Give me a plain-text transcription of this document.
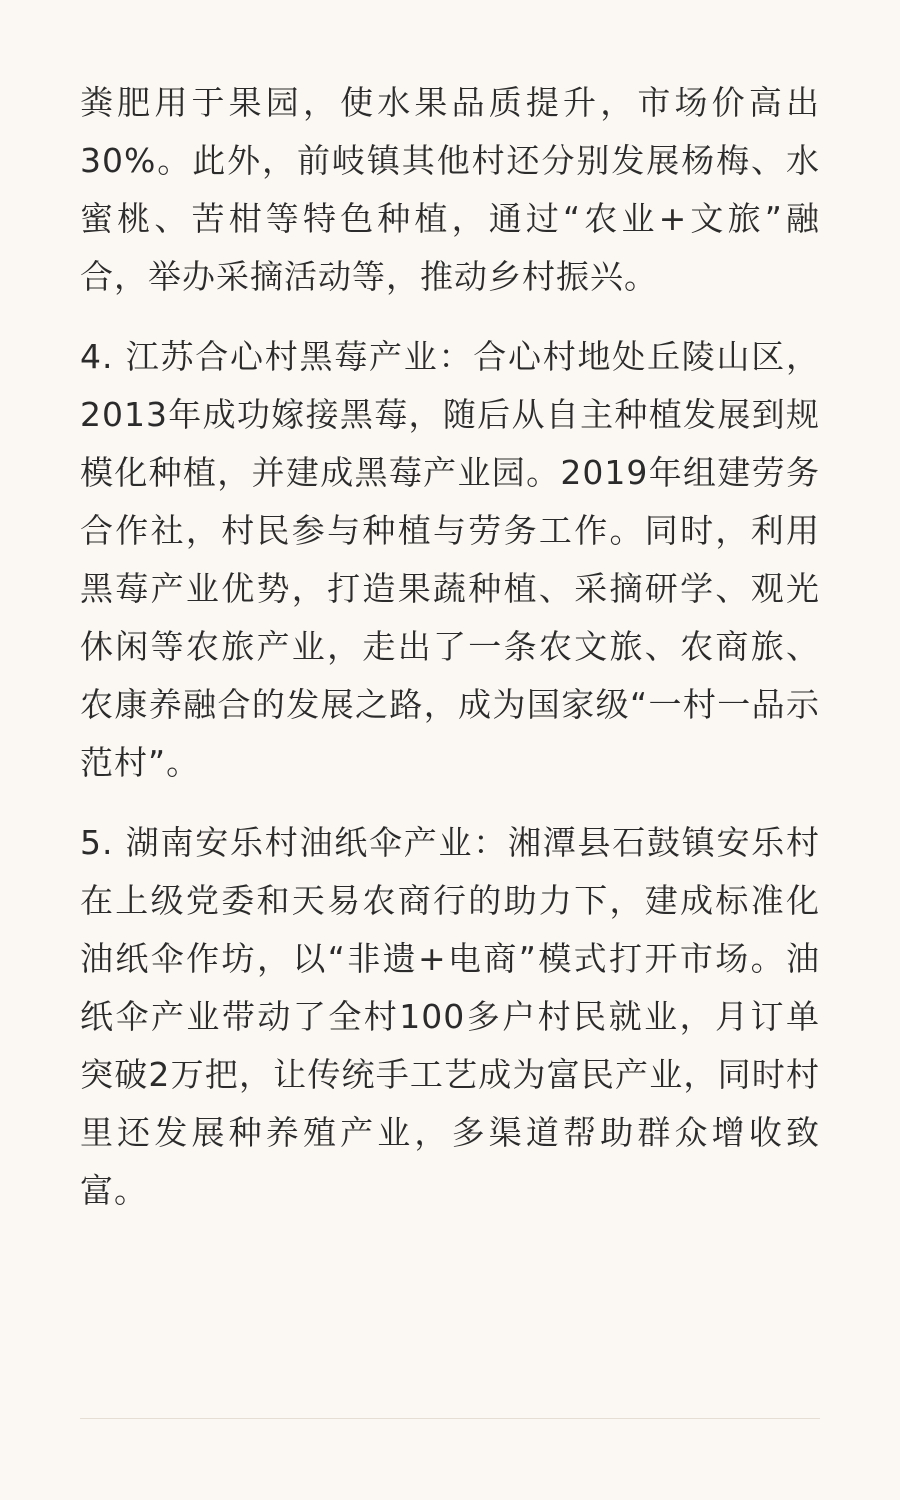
粪肥用于果园，使水果品质提升，市场价高出30%。此外，前岐镇其他村还分别发展杨梅、水蜜桃、苦柑等特色种植，通过“农业+文旅”融合，举办采摘活动等，推动乡村振兴。

4. 江苏合心村黑莓产业：合心村地处丘陵山区，2013年成功嫁接黑莓，随后从自主种植发展到规模化种植，并建成黑莓产业园。2019年组建劳务合作社，村民参与种植与劳务工作。同时，利用黑莓产业优势，打造果蔬种植、采摘研学、观光休闲等农旅产业，走出了一条农文旅、农商旅、农康养融合的发展之路，成为国家级“一村一品示范村”。

5. 湖南安乐村油纸伞产业：湘潭县石鼓镇安乐村在上级党委和天易农商行的助力下，建成标准化油纸伞作坊，以“非遗+电商”模式打开市场。油纸伞产业带动了全村100多户村民就业，月订单突破2万把，让传统手工艺成为富民产业，同时村里还发展种养殖产业，多渠道帮助群众增收致富。
